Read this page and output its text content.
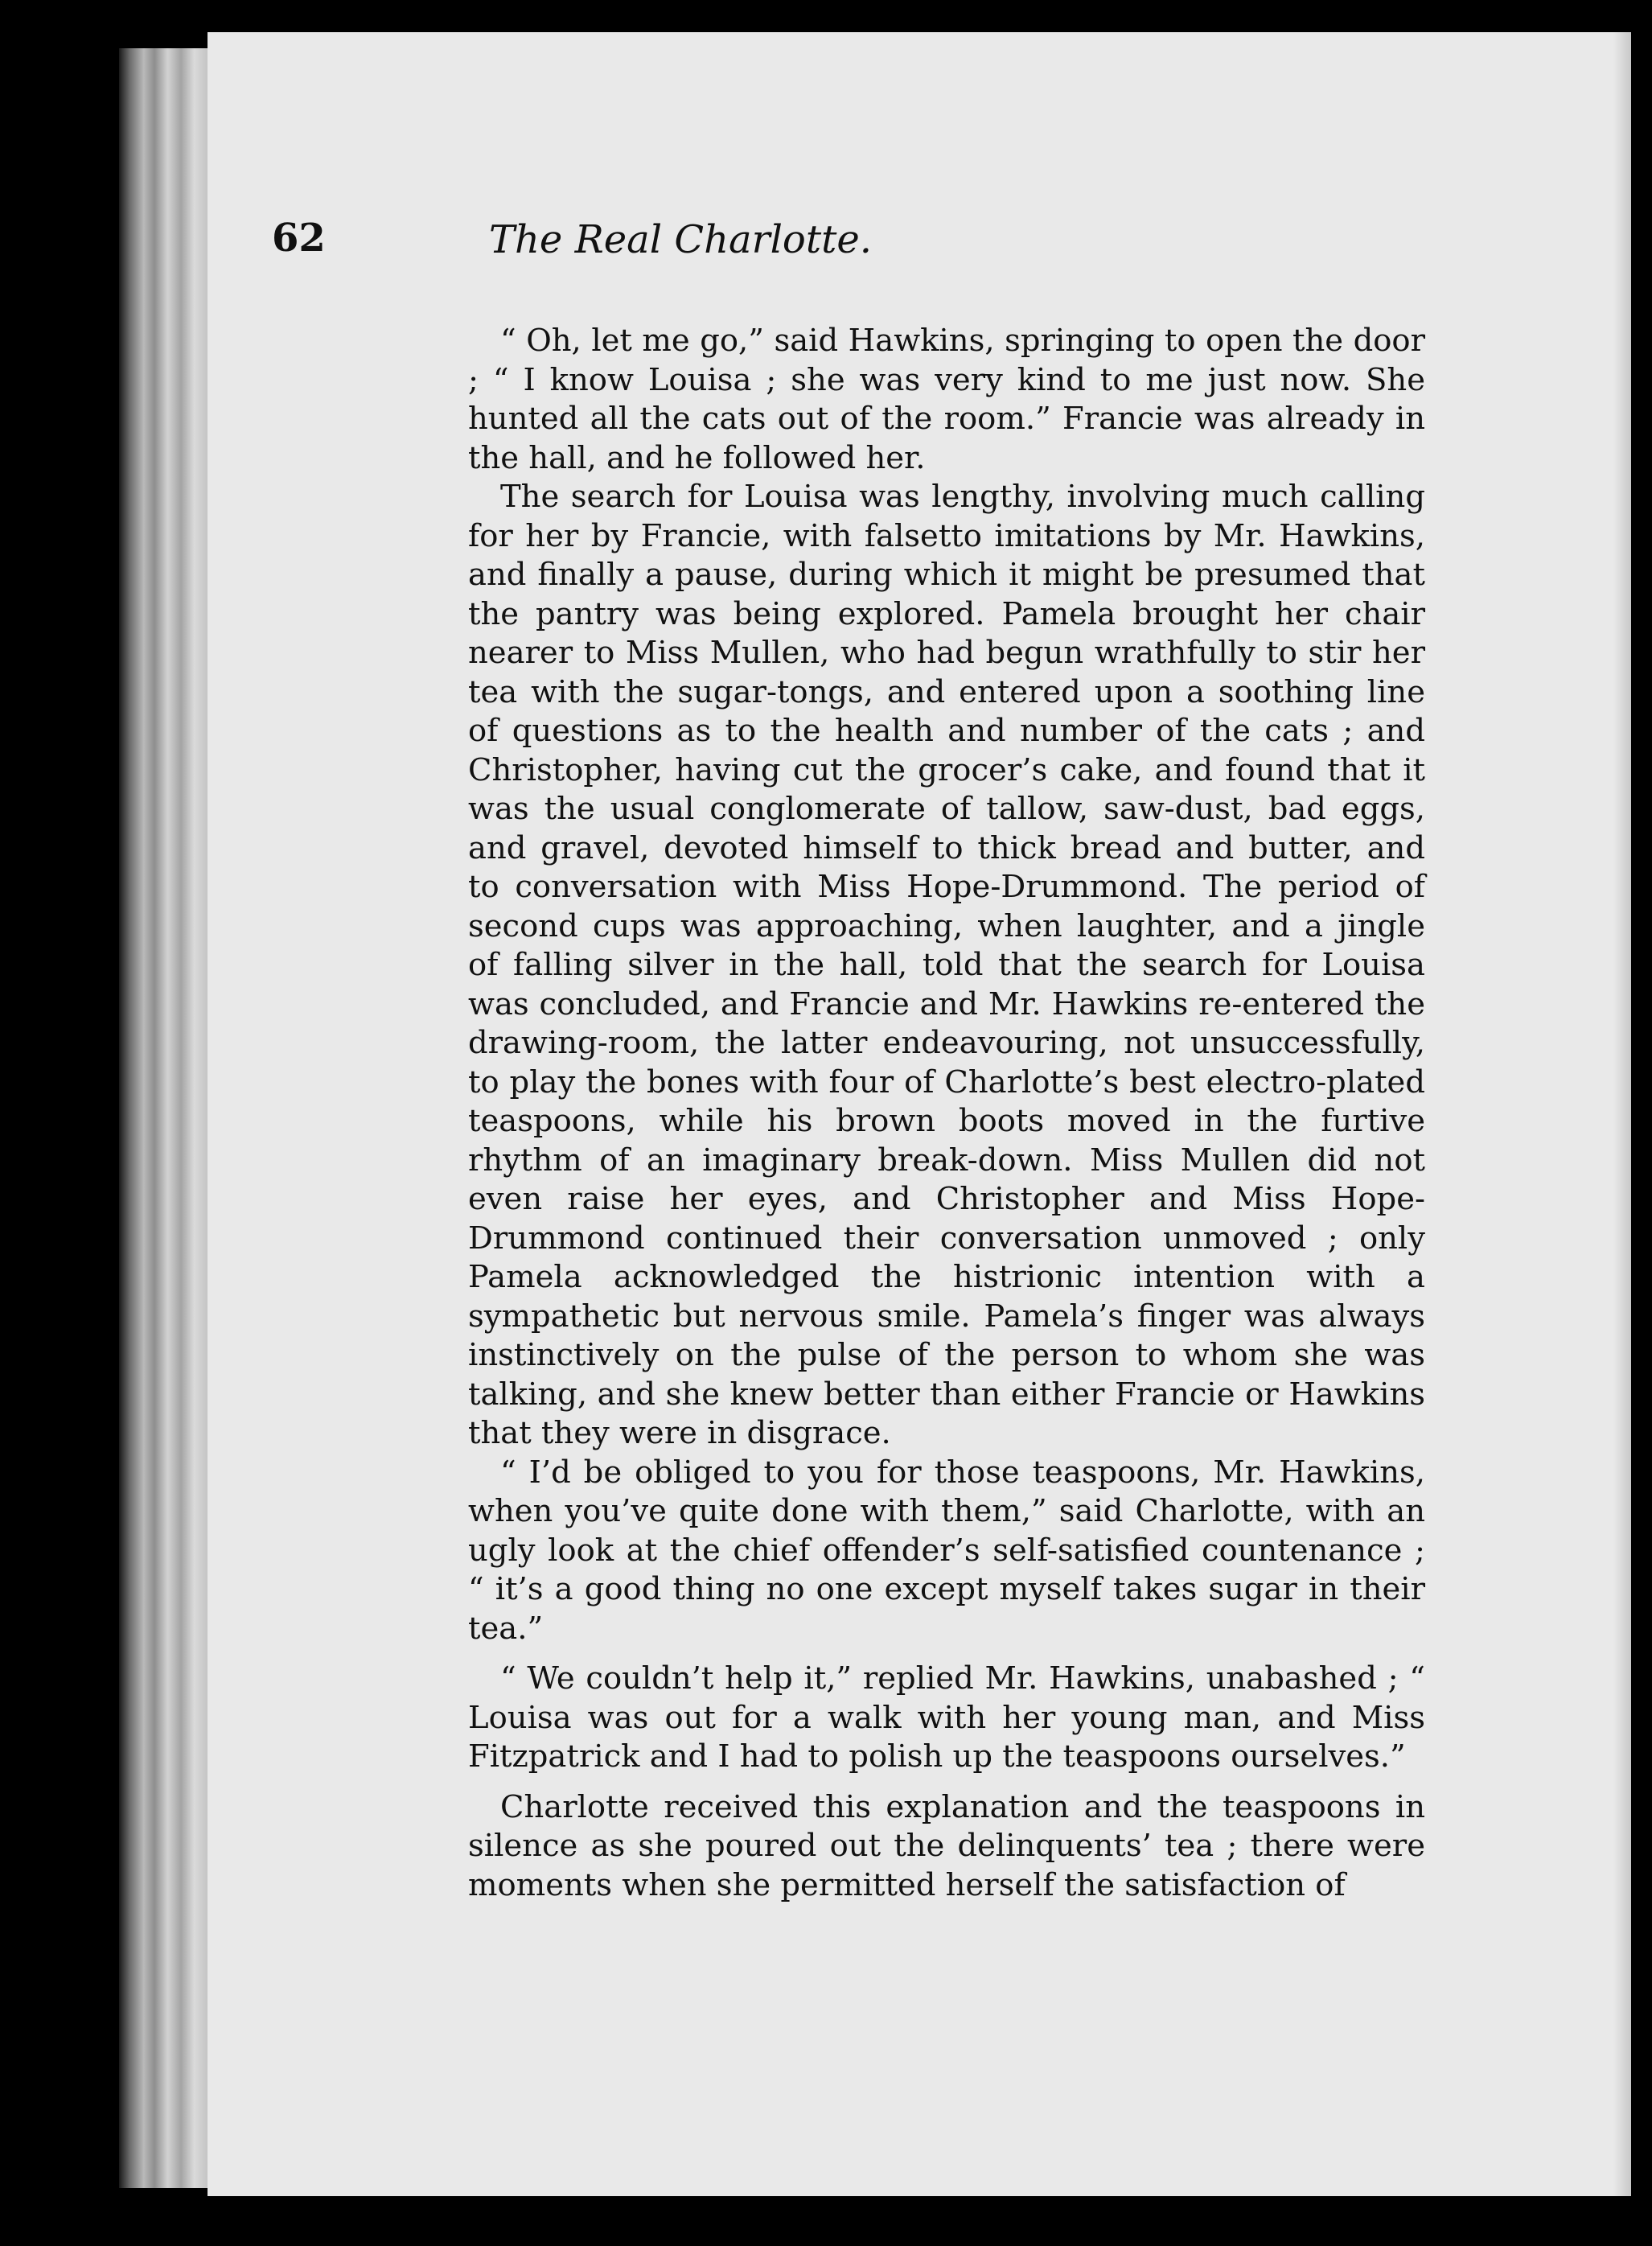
62	The Real Charlotte.

“ Oh, let me go,” said Hawkins, springing to open the door ; “ I know Louisa ; she was very kind to me just now. She hunted all the cats out of the room.” Francie was already in the hall, and he followed her.

The search for Louisa was lengthy, involving much calling for her by Francie, with falsetto imitations by Mr. Hawkins, and finally a pause, during which it might be presumed that the pantry was being explored. Pamela brought her chair nearer to Miss Mullen, who had begun wrathfully to stir her tea with the sugar-tongs, and entered upon a soothing line of questions as to the health and number of the cats ; and Christopher, having cut the grocer’s cake, and found that it was the usual conglomerate of tallow, saw-dust, bad eggs, and gravel, devoted himself to thick bread and butter, and to conversation with Miss Hope-Drummond. The period of second cups was approaching, when laughter, and a jingle of falling silver in the hall, told that the search for Louisa was concluded, and Francie and Mr. Hawkins re-entered the drawing-room, the latter endeavouring, not unsuccessfully, to play the bones with four of Charlotte’s best electro-plated teaspoons, while his brown boots moved in the furtive rhythm of an imaginary break-down. Miss Mullen did not even raise her eyes, and Christopher and Miss Hope-Drummond continued their conversation unmoved ; only Pamela acknowledged the histrionic intention with a sympathetic but nervous smile. Pamela’s finger was always instinctively on the pulse of the person to whom she was talking, and she knew better than either Francie or Hawkins that they were in disgrace.

“ I’d be obliged to you for those teaspoons, Mr. Hawkins, when you’ve quite done with them,” said Charlotte, with an ugly look at the chief offender’s self-satisfied countenance ; “ it’s a good thing no one except myself takes sugar in their tea.”

“ We couldn’t help it,” replied Mr. Hawkins, unabashed ; “ Louisa was out for a walk with her young man, and Miss Fitzpatrick and I had to polish up the teaspoons ourselves.”

Charlotte received this explanation and the teaspoons in silence as she poured out the delinquents’ tea ; there were moments when she permitted herself the satisfaction of
